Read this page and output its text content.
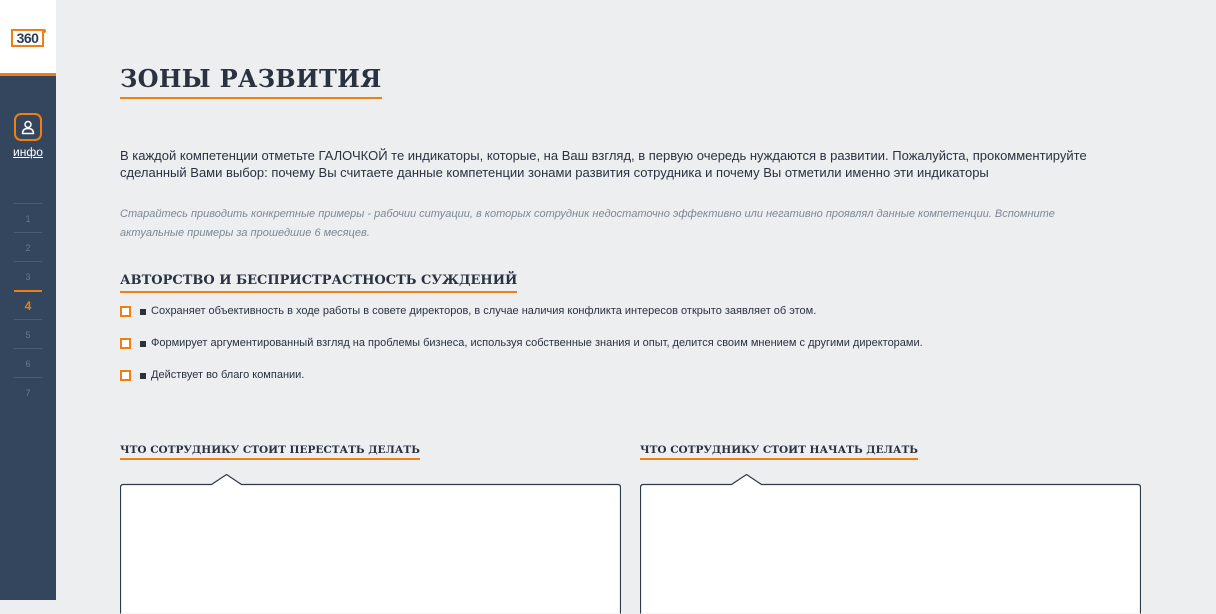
360
инфо
1
2
3
4
5
6
7
ЗОНЫ РАЗВИТИЯ

В каждой компетенции отметьте ГАЛОЧКОЙ те индикаторы, которые, на Ваш взгляд, в первую очередь нуждаются в развитии. Пожалуйста, прокомментируйте сделанный Вами выбор: почему Вы считаете данные компетенции зонами развития сотрудника и почему Вы отметили именно эти индикаторы

Старайтесь приводить конкретные примеры - рабочии ситуации, в которых сотрудник недостаточно эффективно или негативно проявлял данные компетенции. Вспомните актуальные примеры за прошедшие 6 месяцев.

АВТОРСТВО И БЕСПРИСТРАСТНОСТЬ СУЖДЕНИЙ
Сохраняет объективность в ходе работы в совете директоров, в случае наличия конфликта интересов открыто заявляет об этом.
Формирует аргументированный взгляд на проблемы бизнеса, используя собственные знания и опыт, делится своим мнением с другими директорами.
Действует во благо компании.
ЧТО СОТРУДНИКУ СТОИТ ПЕРЕСТАТЬ ДЕЛАТЬ	ЧТО СОТРУДНИКУ СТОИТ НАЧАТЬ ДЕЛАТЬ
